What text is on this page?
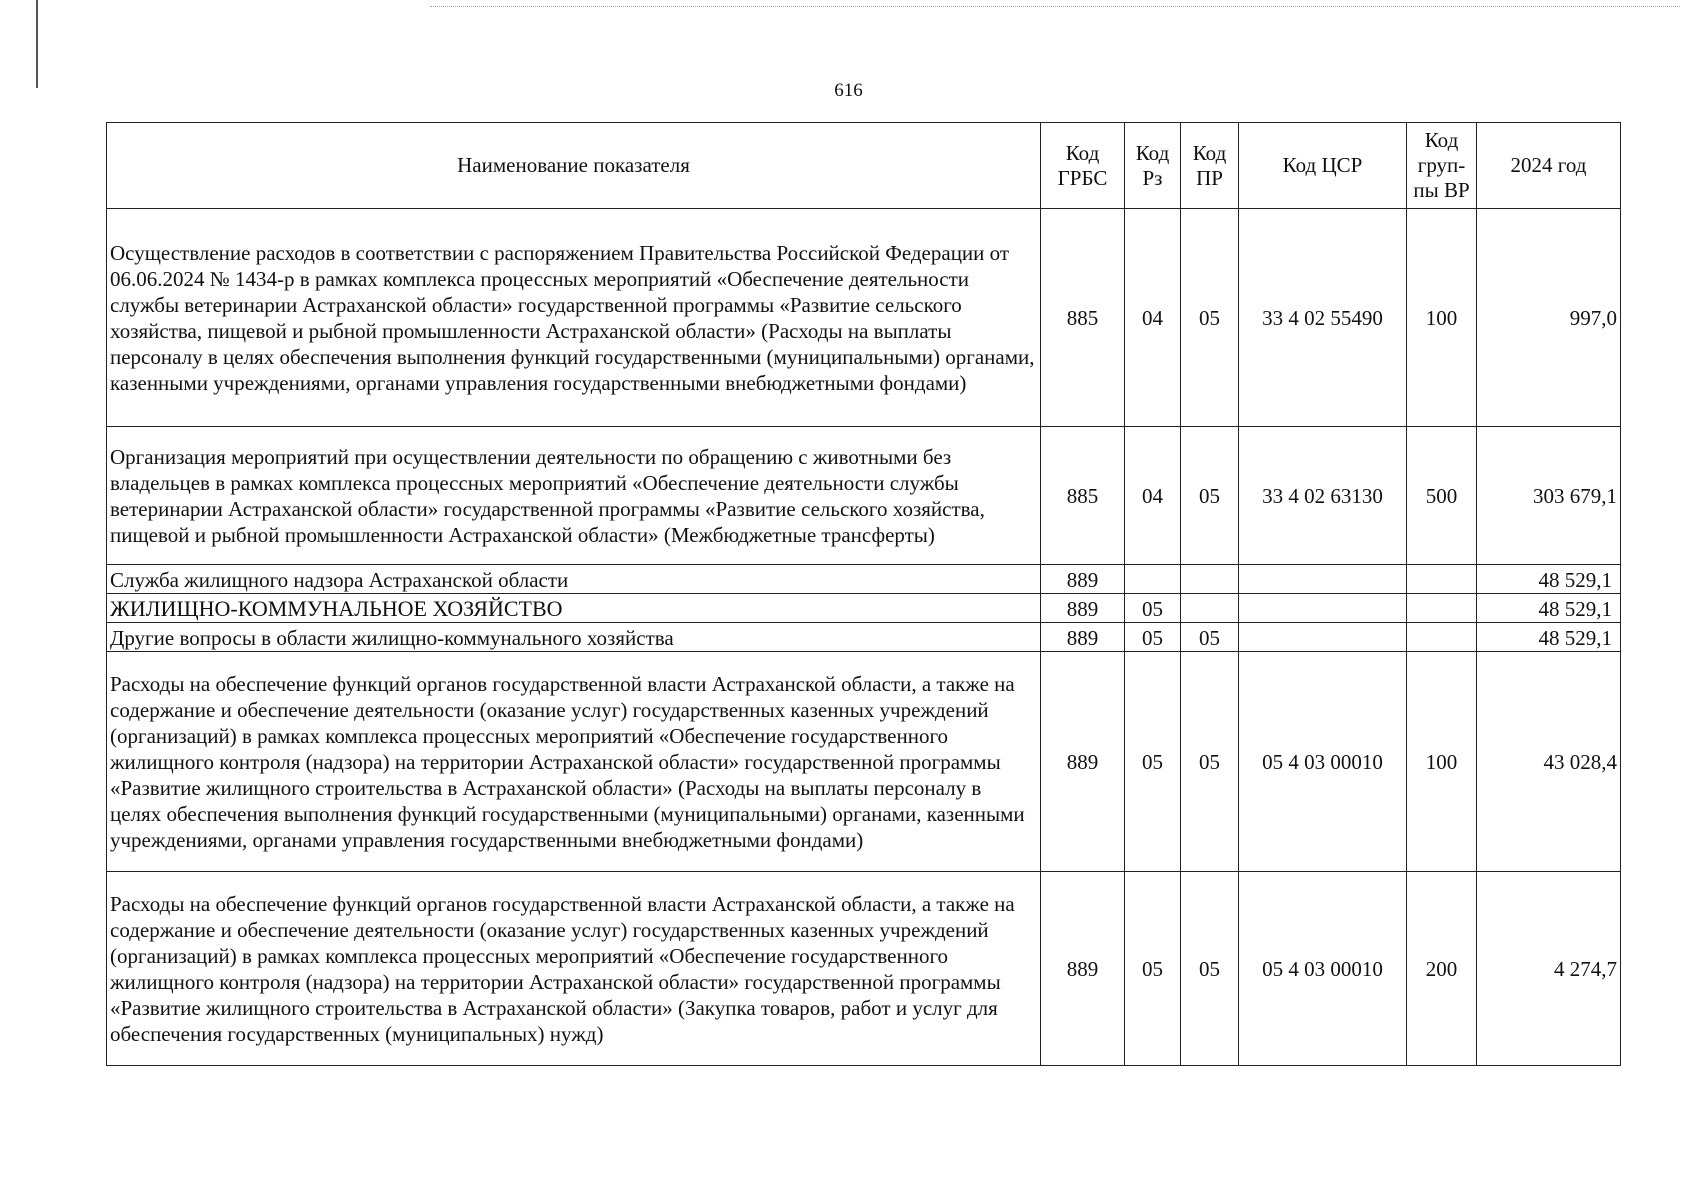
616
Наименование показателя	Код ГРБС	Код Рз	Код ПР	Код ЦСР	Код груп-пы ВР	2024 год
Осуществление расходов в соответствии с распоряжением Правительства Российской Федерации от 06.06.2024 № 1434-р в рамках комплекса процессных мероприятий «Обеспечение деятельности службы ветеринарии Астраханской области» государственной программы «Развитие сельского хозяйства, пищевой и рыбной промышленности Астраханской области» (Расходы на выплаты персоналу в целях обеспечения выполнения функций государственными (муниципальными) органами, казенными учреждениями, органами управления государственными внебюджетными фондами)	885	04	05	33 4 02 55490	100	997,0
Организация мероприятий при осуществлении деятельности по обращению с животными без владельцев в рамках комплекса процессных мероприятий «Обеспечение деятельности службы ветеринарии Астраханской области» государственной программы «Развитие сельского хозяйства, пищевой и рыбной промышленности Астраханской области» (Межбюджетные трансферты)	885	04	05	33 4 02 63130	500	303 679,1
Служба жилищного надзора Астраханской области	889					48 529,1
ЖИЛИЩНО-КОММУНАЛЬНОЕ ХОЗЯЙСТВО	889	05				48 529,1
Другие вопросы в области жилищно-коммунального хозяйства	889	05	05			48 529,1
Расходы на обеспечение функций органов государственной власти Астраханской области, а также на содержание и обеспечение деятельности (оказание услуг) государственных казенных учреждений (организаций) в рамках комплекса процессных мероприятий «Обеспечение государственного жилищного контроля (надзора) на территории Астраханской области» государственной программы «Развитие жилищного строительства в Астраханской области» (Расходы на выплаты персоналу в целях обеспечения выполнения функций государственными (муниципальными) органами, казенными учреждениями, органами управления государственными внебюджетными фондами)	889	05	05	05 4 03 00010	100	43 028,4
Расходы на обеспечение функций органов государственной власти Астраханской области, а также на содержание и обеспечение деятельности (оказание услуг) государственных казенных учреждений (организаций) в рамках комплекса процессных мероприятий «Обеспечение государственного жилищного контроля (надзора) на территории Астраханской области» государственной программы «Развитие жилищного строительства в Астраханской области» (Закупка товаров, работ и услуг для обеспечения государственных (муниципальных) нужд)	889	05	05	05 4 03 00010	200	4 274,7
